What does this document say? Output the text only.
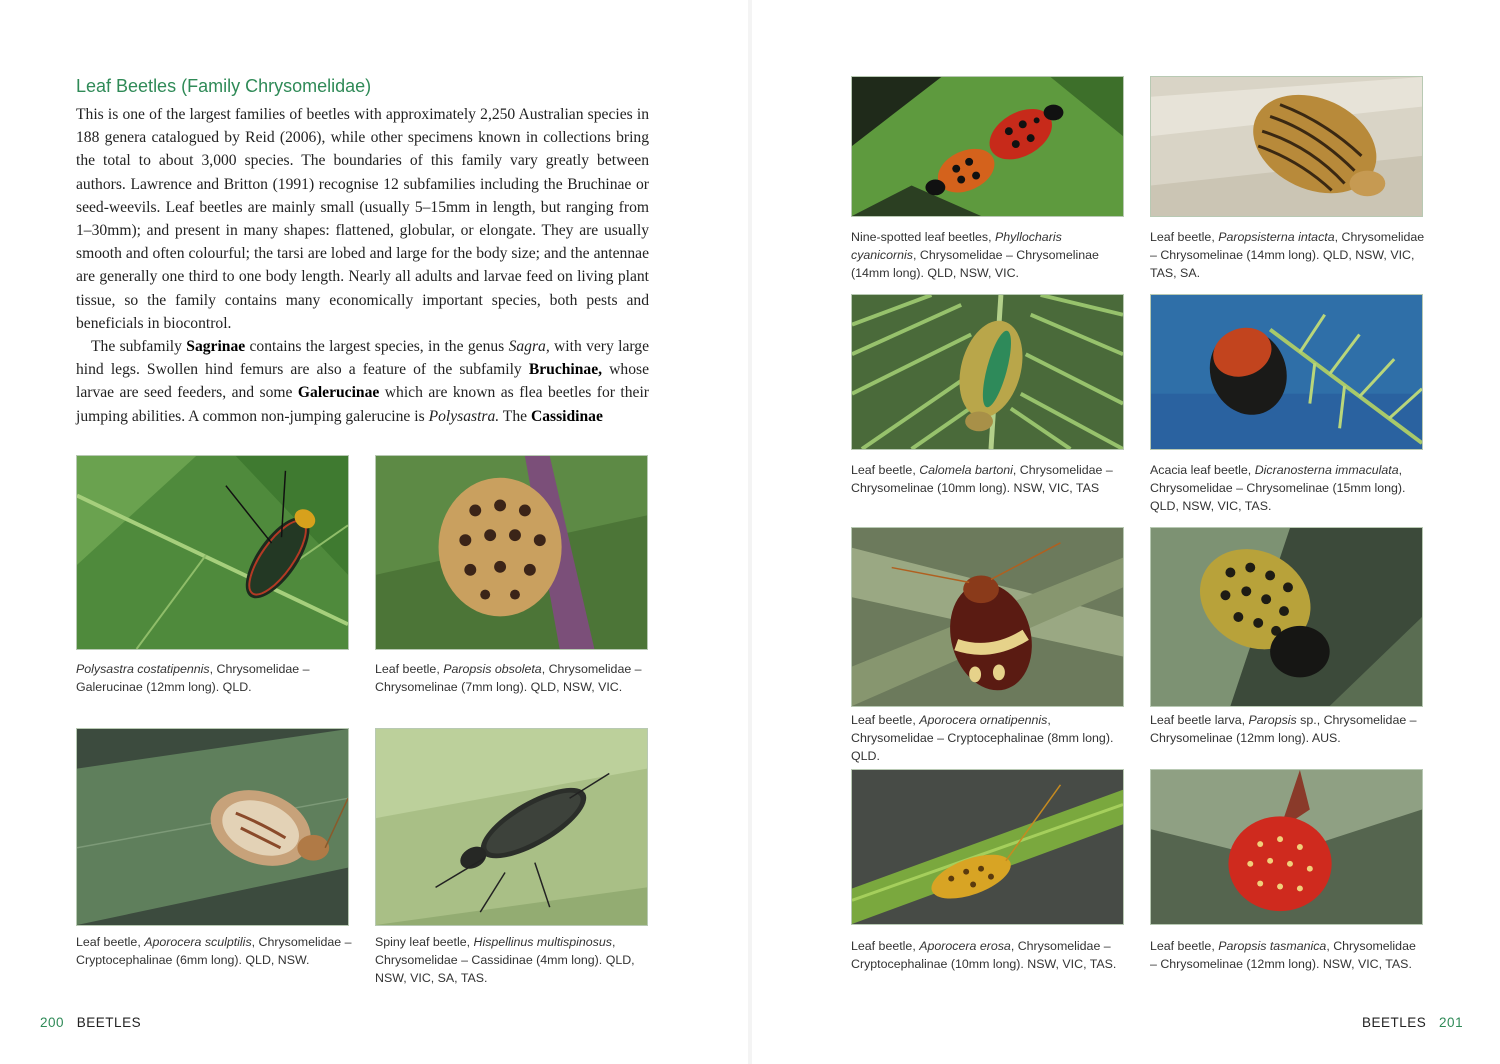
Leaf Beetles (Family Chrysomelidae)

This is one of the largest families of beetles with approximately 2,250 Australian species in 188 genera catalogued by Reid (2006), while other specimens known in collections bring the total to about 3,000 species. The boundaries of this family vary greatly between authors. Lawrence and Britton (1991) recognise 12 subfamilies including the Bruchinae or seed-weevils. Leaf beetles are mainly small (usually 5–15mm in length, but ranging from 1–30mm); and present in many shapes: flattened, globular, or elongate. They are usually smooth and often colourful; the tarsi are lobed and large for the body size; and the antennae are generally one third to one body length. Nearly all adults and larvae feed on living plant tissue, so the family contains many economically important species, both pests and beneficials in biocontrol.

The subfamily Sagrinae contains the largest species, in the genus Sagra, with very large hind legs. Swollen hind femurs are also a feature of the subfamily Bruchinae, whose larvae are seed feeders, and some Galerucinae which are known as flea beetles for their jumping abilities. A common non-jumping galerucine is Polysastra. The Cassidinae

Polysastra costatipennis, Chrysomelidae – Galerucinae (12mm long). QLD.
Leaf beetle, Paropsis obsoleta, Chrysomelidae – Chrysomelinae (7mm long). QLD, NSW, VIC.
Leaf beetle, Aporocera sculptilis, Chrysomelidae – Cryptocephalinae (6mm long). QLD, NSW.
Spiny leaf beetle, Hispellinus multispinosus, Chrysomelidae – Cassidinae (4mm long). QLD, NSW, VIC, SA, TAS.
200 BEETLES
Nine-spotted leaf beetles, Phyllocharis cyanicornis, Chrysomelidae – Chrysomelinae (14mm long). QLD, NSW, VIC.
Leaf beetle, Paropsisterna intacta, Chrysomelidae – Chrysomelinae (14mm long). QLD, NSW, VIC, TAS, SA.
Leaf beetle, Calomela bartoni, Chrysomelidae – Chrysomelinae (10mm long). NSW, VIC, TAS
Acacia leaf beetle, Dicranosterna immaculata, Chrysomelidae – Chrysomelinae (15mm long). QLD, NSW, VIC, TAS.
Leaf beetle, Aporocera ornatipennis, Chrysomelidae – Cryptocephalinae (8mm long). QLD.
Leaf beetle larva, Paropsis sp., Chrysomelidae – Chrysomelinae (12mm long). AUS.
Leaf beetle, Aporocera erosa, Chrysomelidae – Cryptocephalinae (10mm long). NSW, VIC, TAS.
Leaf beetle, Paropsis tasmanica, Chrysomelidae – Chrysomelinae (12mm long). NSW, VIC, TAS.
BEETLES 201
